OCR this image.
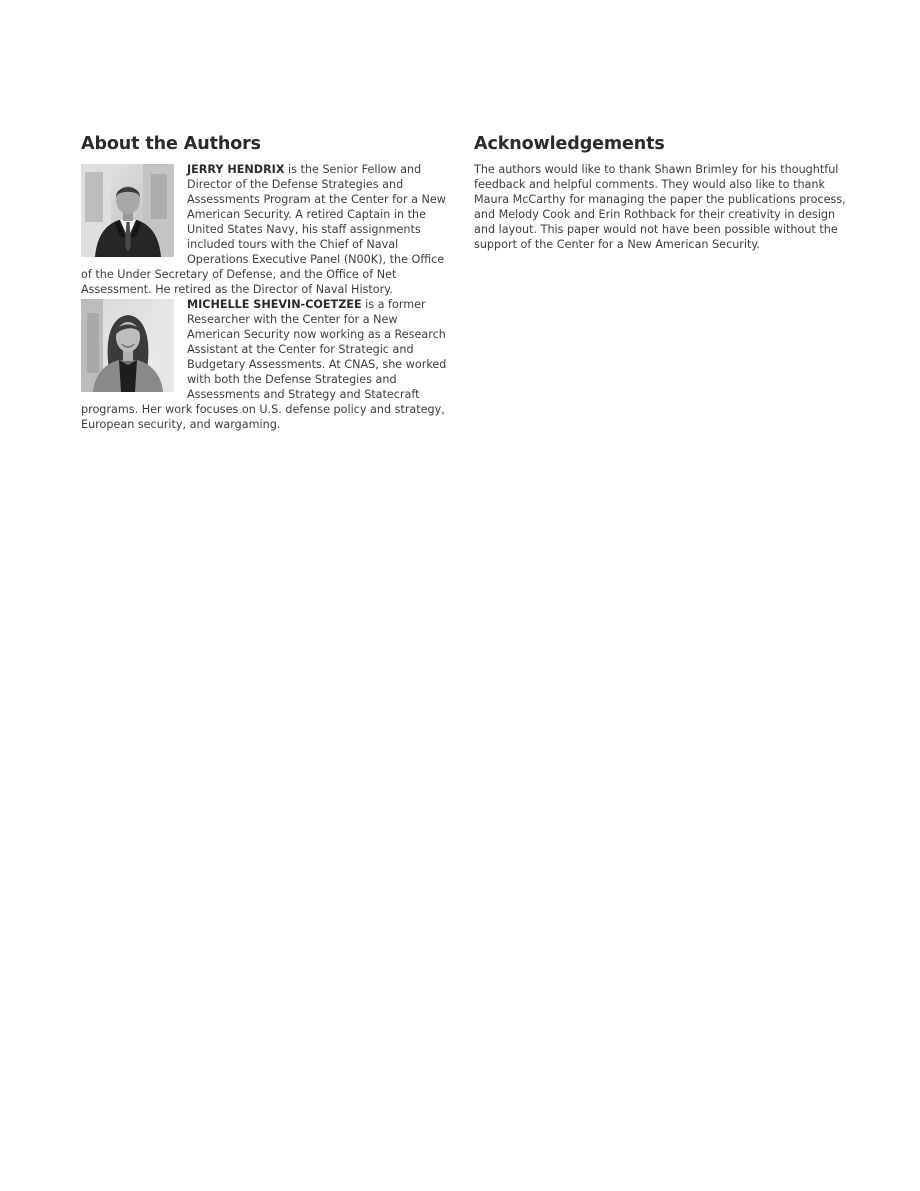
About the Authors

JERRY HENDRIX is the Senior Fellow and Director of the Defense Strategies and Assessments Program at the Center for a New American Security. A retired Captain in the United States Navy, his staff assignments included tours with the Chief of Naval Operations Executive Panel (N00K), the Office of the Under Secretary of Defense, and the Office of Net Assessment. He retired as the Director of Naval History.

MICHELLE SHEVIN-COETZEE is a former Researcher with the Center for a New American Security now working as a Research Assistant at the Center for Strategic and Budgetary Assessments. At CNAS, she worked with both the Defense Strategies and Assessments and Strategy and Statecraft programs. Her work focuses on U.S. defense policy and strategy, European security, and wargaming.

Acknowledgements

The authors would like to thank Shawn Brimley for his thoughtful feedback and helpful comments. They would also like to thank Maura McCarthy for managing the paper the publications process, and Melody Cook and Erin Rothback for their creativity in design and layout. This paper would not have been possible without the support of the Center for a New American Security.
